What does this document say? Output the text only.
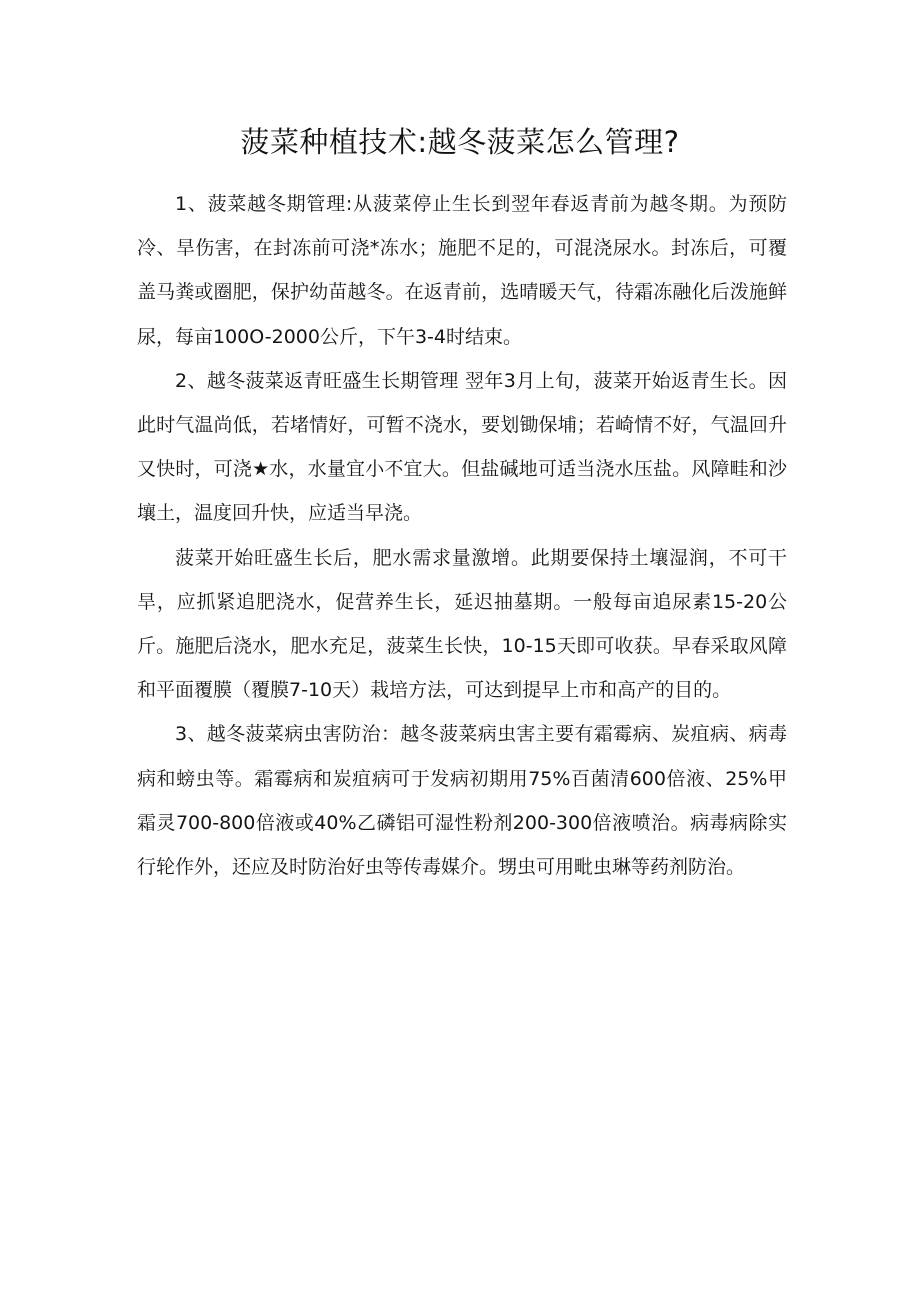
菠菜种植技术:越冬菠菜怎么管理?

1、菠菜越冬期管理:从菠菜停止生长到翌年春返青前为越冬期。为预防冷、旱伤害，在封冻前可浇*冻水；施肥不足的，可混浇尿水。封冻后，可覆盖马粪或圈肥，保护幼苗越冬。在返青前，选晴暖天气，待霜冻融化后泼施鲜尿，每亩100O-2000公斤，下午3-4时结束。

2、越冬菠菜返青旺盛生长期管理 翌年3月上旬，菠菜开始返青生长。因此时气温尚低，若堵情好，可暂不浇水，要划锄保埔；若崎情不好，气温回升又快时，可浇★水，水量宜小不宜大。但盐碱地可适当浇水压盐。风障畦和沙壤土，温度回升快，应适当早浇。

菠菜开始旺盛生长后，肥水需求量激增。此期要保持土壤湿润，不可干旱，应抓紧追肥浇水，促营养生长，延迟抽墓期。一般每亩追尿素15-20公斤。施肥后浇水，肥水充足，菠菜生长快，10-15天即可收获。早春采取风障和平面覆膜（覆膜7-10天）栽培方法，可达到提早上市和高产的目的。

3、越冬菠菜病虫害防治：越冬菠菜病虫害主要有霜霉病、炭疽病、病毒病和螃虫等。霜霉病和炭疽病可于发病初期用75%百菌清600倍液、25%甲霜灵700-800倍液或40%乙磷铝可湿性粉剂200-300倍液喷治。病毒病除实行轮作外，还应及时防治好虫等传毒媒介。甥虫可用毗虫琳等药剂防治。
